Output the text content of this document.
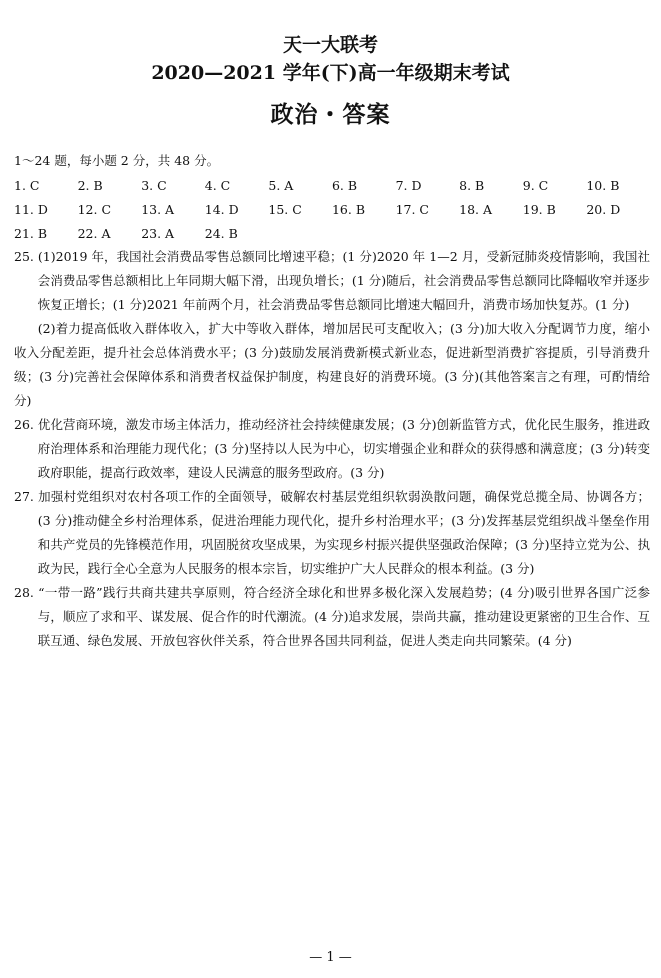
天一大联考
2020—2021 学年(下)高一年级期末考试
政治・答案
1～24 题，每小题 2 分，共 48 分。
1. C	2. B	3. C	4. C	5. A	6. B	7. D	8. B	9. C	10. B
11. D	12. C	13. A	14. D	15. C	16. B	17. C	18. A	19. B	20. D
21. B	22. A	23. A	24. B

25. (1)2019 年，我国社会消费品零售总额同比增速平稳；(1 分)2020 年 1—2 月，受新冠肺炎疫情影响，我国社会消费品零售总额相比上年同期大幅下滑，出现负增长；(1 分)随后，社会消费品零售总额同比降幅收窄并逐步恢复正增长；(1 分)2021 年前两个月，社会消费品零售总额同比增速大幅回升，消费市场加快复苏。(1 分)

(2)着力提高低收入群体收入，扩大中等收入群体，增加居民可支配收入；(3 分)加大收入分配调节力度，缩小收入分配差距，提升社会总体消费水平；(3 分)鼓励发展消费新模式新业态，促进新型消费扩容提质，引导消费升级；(3 分)完善社会保障体系和消费者权益保护制度，构建良好的消费环境。(3 分)(其他答案言之有理，可酌情给分)

26. 优化营商环境，激发市场主体活力，推动经济社会持续健康发展；(3 分)创新监管方式，优化民生服务，推进政府治理体系和治理能力现代化；(3 分)坚持以人民为中心，切实增强企业和群众的获得感和满意度；(3 分)转变政府职能，提高行政效率，建设人民满意的服务型政府。(3 分)

27. 加强村党组织对农村各项工作的全面领导，破解农村基层党组织软弱涣散问题，确保党总揽全局、协调各方；(3 分)推动健全乡村治理体系，促进治理能力现代化，提升乡村治理水平；(3 分)发挥基层党组织战斗堡垒作用和共产党员的先锋模范作用，巩固脱贫攻坚成果，为实现乡村振兴提供坚强政治保障；(3 分)坚持立党为公、执政为民，践行全心全意为人民服务的根本宗旨，切实维护广大人民群众的根本利益。(3 分)

28. “一带一路”践行共商共建共享原则，符合经济全球化和世界多极化深入发展趋势；(4 分)吸引世界各国广泛参与，顺应了求和平、谋发展、促合作的时代潮流。(4 分)追求发展，崇尚共赢，推动建设更紧密的卫生合作、互联互通、绿色发展、开放包容伙伴关系，符合世界各国共同利益，促进人类走向共同繁荣。(4 分)

— 1 —
